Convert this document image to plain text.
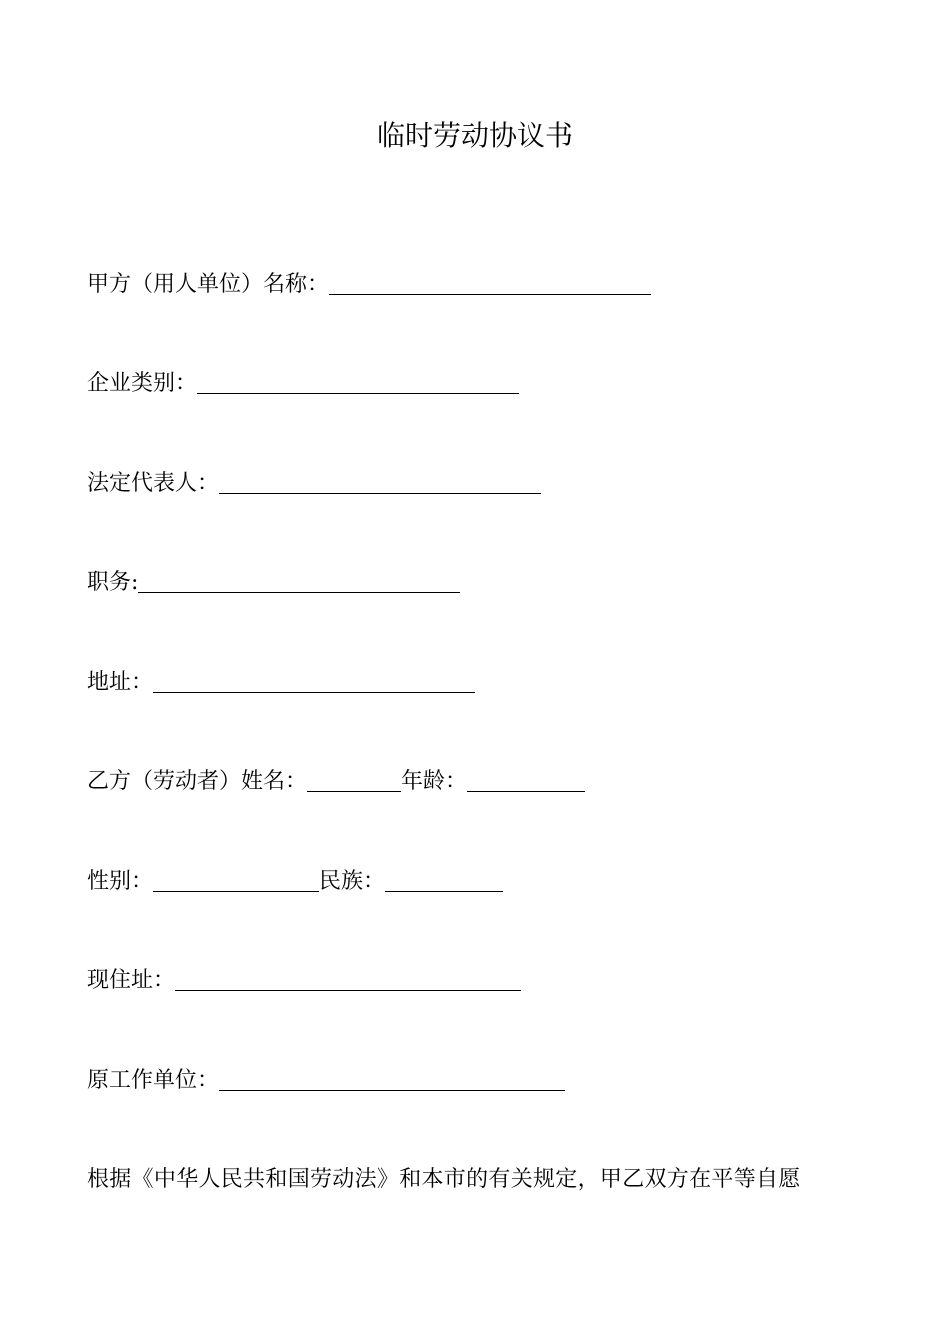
临时劳动协议书
甲方（用人单位）名称：
企业类别：
法定代表人：
职务:
地址：
乙方（劳动者）姓名：	年龄：
性别：	民族：
现住址：
原工作单位：
根据《中华人民共和国劳动法》和本市的有关规定，甲乙双方在平等自愿
